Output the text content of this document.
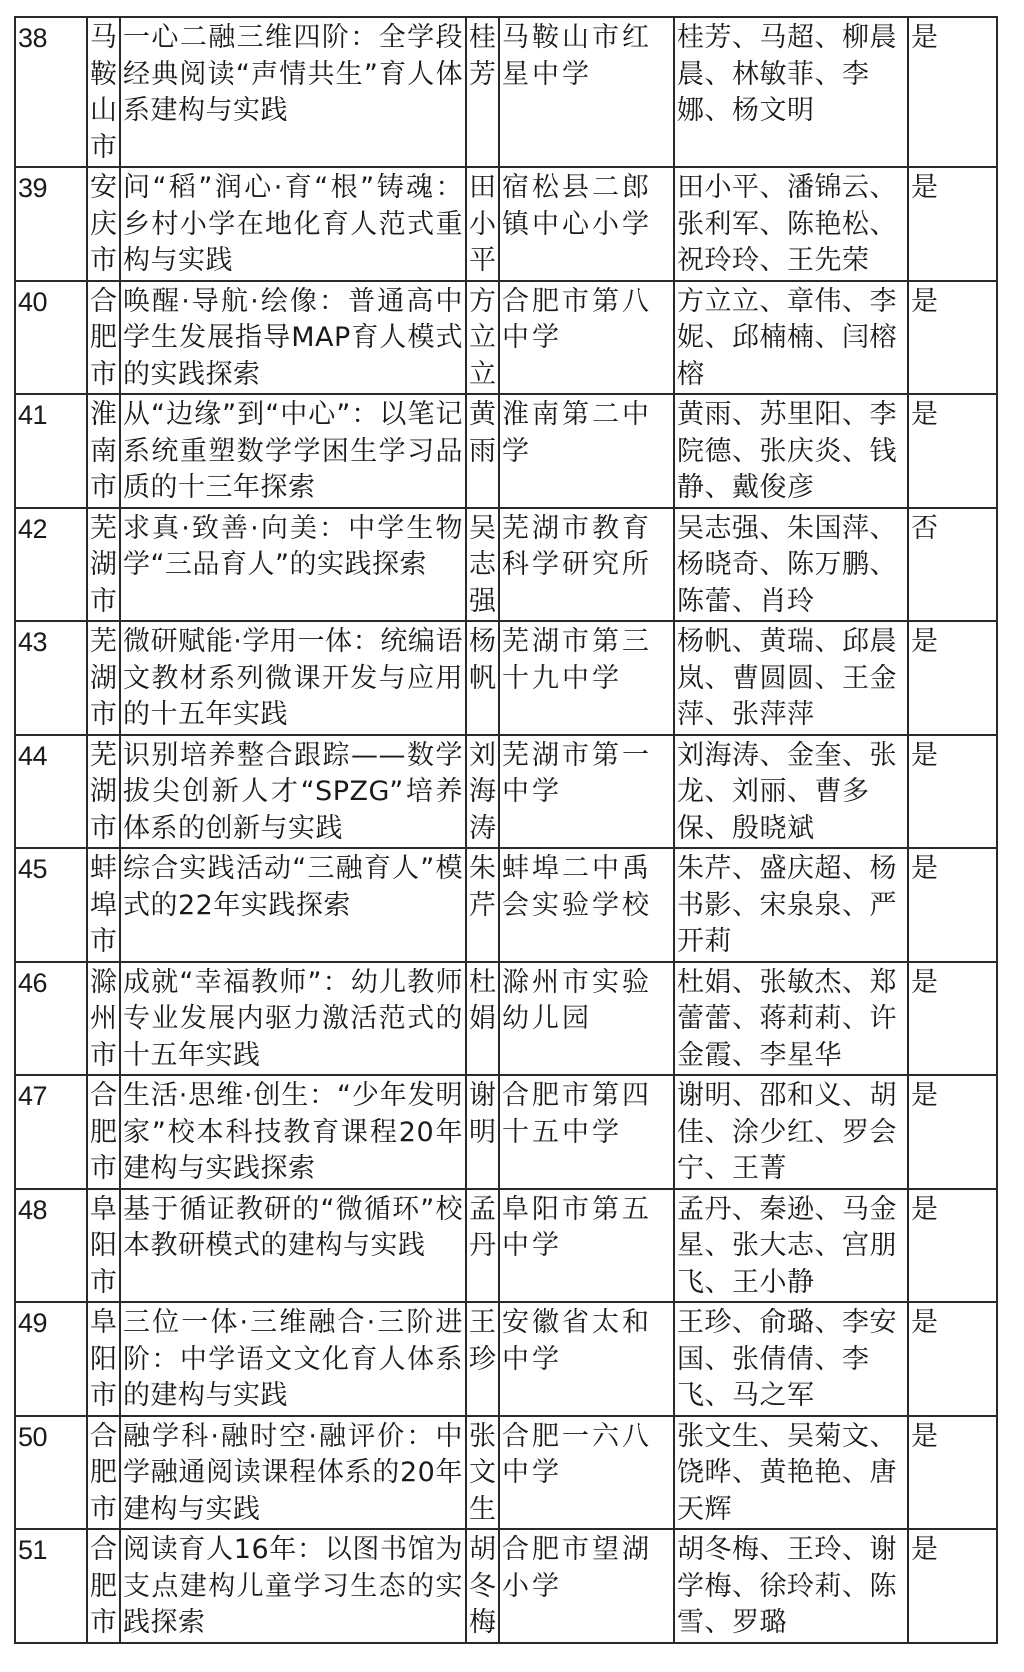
38	马鞍山市	一心二融三维四阶：全学段经典阅读“声情共生”育人体系建构与实践	桂芳	马鞍山市红星中学	桂芳、马超、柳晨晨、林敏菲、李娜、杨文明	是
39	安庆市	问“稻”润心·育“根”铸魂：乡村小学在地化育人范式重构与实践	田小平	宿松县二郎镇中心小学	田小平、潘锦云、张利军、陈艳松、祝玲玲、王先荣	是
40	合肥市	唤醒·导航·绘像：普通高中学生发展指导MAP育人模式的实践探索	方立立	合肥市第八中学	方立立、章伟、李妮、邱楠楠、闫榕榕	是
41	淮南市	从“边缘”到“中心”：以笔记系统重塑数学学困生学习品质的十三年探索	黄雨	淮南第二中学	黄雨、苏里阳、李院德、张庆炎、钱静、戴俊彦	是
42	芜湖市	求真·致善·向美：中学生物学“三品育人”的实践探索	吴志强	芜湖市教育科学研究所	吴志强、朱国萍、杨晓奇、陈万鹏、陈蕾、肖玲	否
43	芜湖市	微研赋能·学用一体：统编语文教材系列微课开发与应用的十五年实践	杨帆	芜湖市第三十九中学	杨帆、黄瑞、邱晨岚、曹圆圆、王金萍、张萍萍	是
44	芜湖市	识别培养整合跟踪——数学拔尖创新人才“SPZG”培养体系的创新与实践	刘海涛	芜湖市第一中学	刘海涛、金奎、张龙、刘丽、曹多保、殷晓斌	是
45	蚌埠市	综合实践活动“三融育人”模式的22年实践探索	朱芹	蚌埠二中禹会实验学校	朱芹、盛庆超、杨书影、宋泉泉、严开莉	是
46	滁州市	成就“幸福教师”：幼儿教师专业发展内驱力激活范式的十五年实践	杜娟	滁州市实验幼儿园	杜娟、张敏杰、郑蕾蕾、蒋莉莉、许金霞、李星华	是
47	合肥市	生活·思维·创生：“少年发明家”校本科技教育课程20年建构与实践探索	谢明	合肥市第四十五中学	谢明、邵和义、胡佳、涂少红、罗会宁、王菁	是
48	阜阳市	基于循证教研的“微循环”校本教研模式的建构与实践	孟丹	阜阳市第五中学	孟丹、秦逊、马金星、张大志、宫朋飞、王小静	是
49	阜阳市	三位一体·三维融合·三阶进阶：中学语文文化育人体系的建构与实践	王珍	安徽省太和中学	王珍、俞璐、李安国、张倩倩、李飞、马之军	是
50	合肥市	融学科·融时空·融评价：中学融通阅读课程体系的20年建构与实践	张文生	合肥一六八中学	张文生、吴菊文、饶晔、黄艳艳、唐天辉	是
51	合肥市	阅读育人16年：以图书馆为支点建构儿童学习生态的实践探索	胡冬梅	合肥市望湖小学	胡冬梅、王玲、谢学梅、徐玲莉、陈雪、罗璐	是
